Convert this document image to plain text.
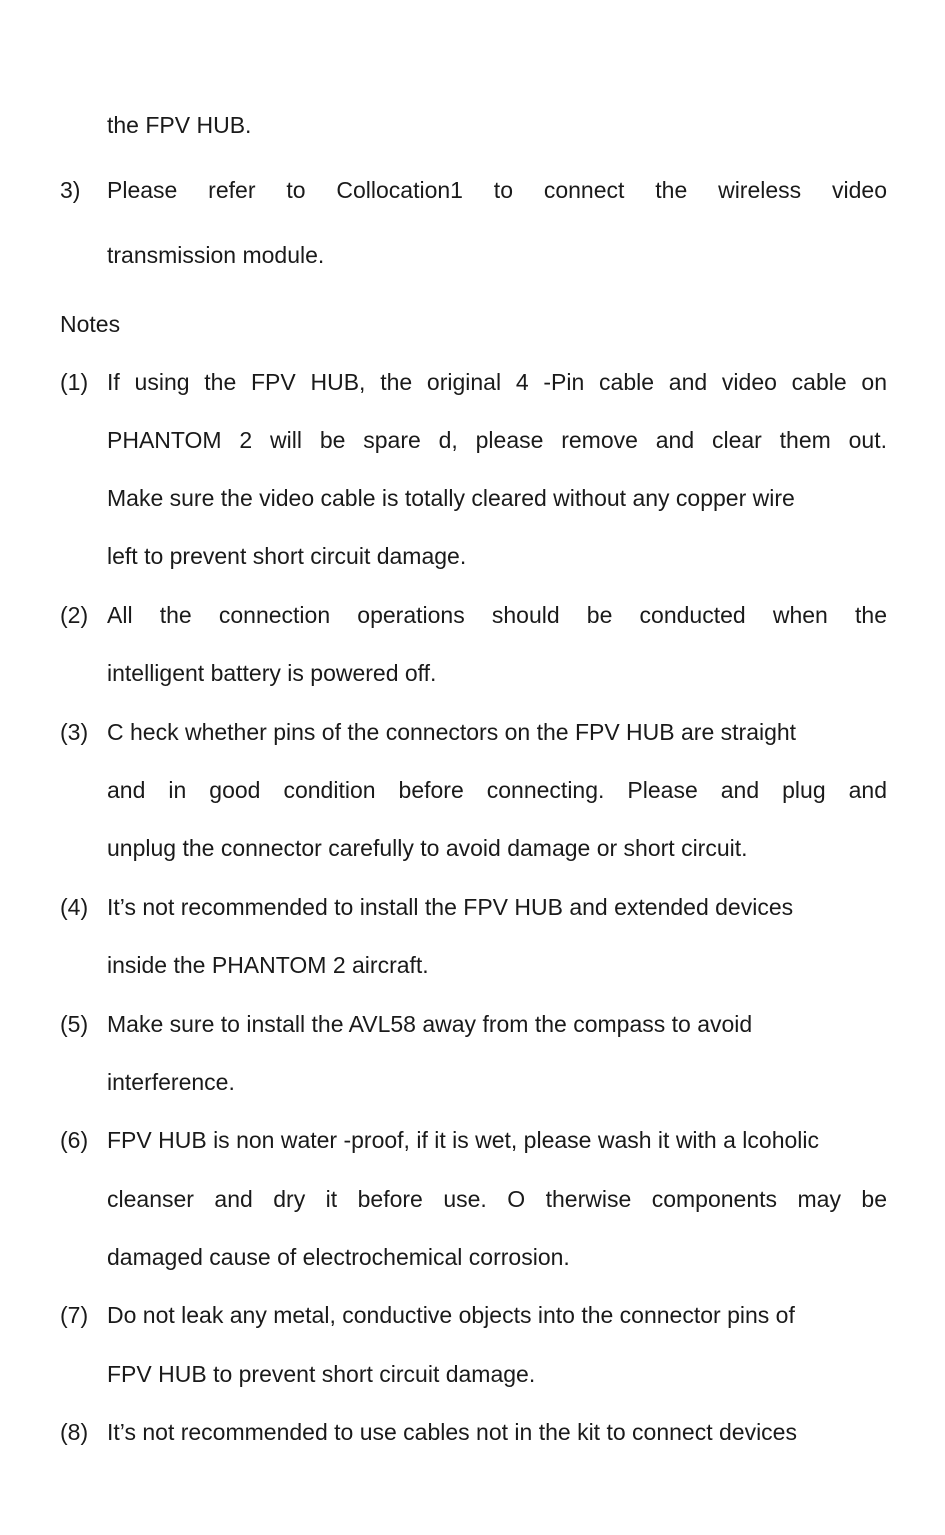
the FPV HUB.
3) Please refer to Collocation1 to connect the wireless video
transmission module.
Notes
(1) If using the FPV HUB, the original 4 -Pin cable and video cable on
PHANTOM 2 will be spare d, please remove and clear them out.
Make sure the video cable is totally cleared without any copper wire
left to prevent short circuit damage.
(2) All the connection operations should be conducted when the
intelligent battery is powered off.
(3) C heck whether pins of the connectors on the FPV HUB are straight
and in good condition before connecting. Please and plug and
unplug the connector carefully to avoid damage or short circuit.
(4) It’s not recommended to install the FPV HUB and extended devices
inside the PHANTOM 2 aircraft.
(5) Make sure to install the AVL58 away from the compass to avoid
interference.
(6) FPV HUB is non water -proof, if it is wet, please wash it with a lcoholic
cleanser and dry it before use. O therwise components may be
damaged cause of electrochemical corrosion.
(7) Do not leak any metal, conductive objects into the connector pins of
FPV HUB to prevent short circuit damage.
(8) It’s not recommended to use cables not in the kit to connect devices
